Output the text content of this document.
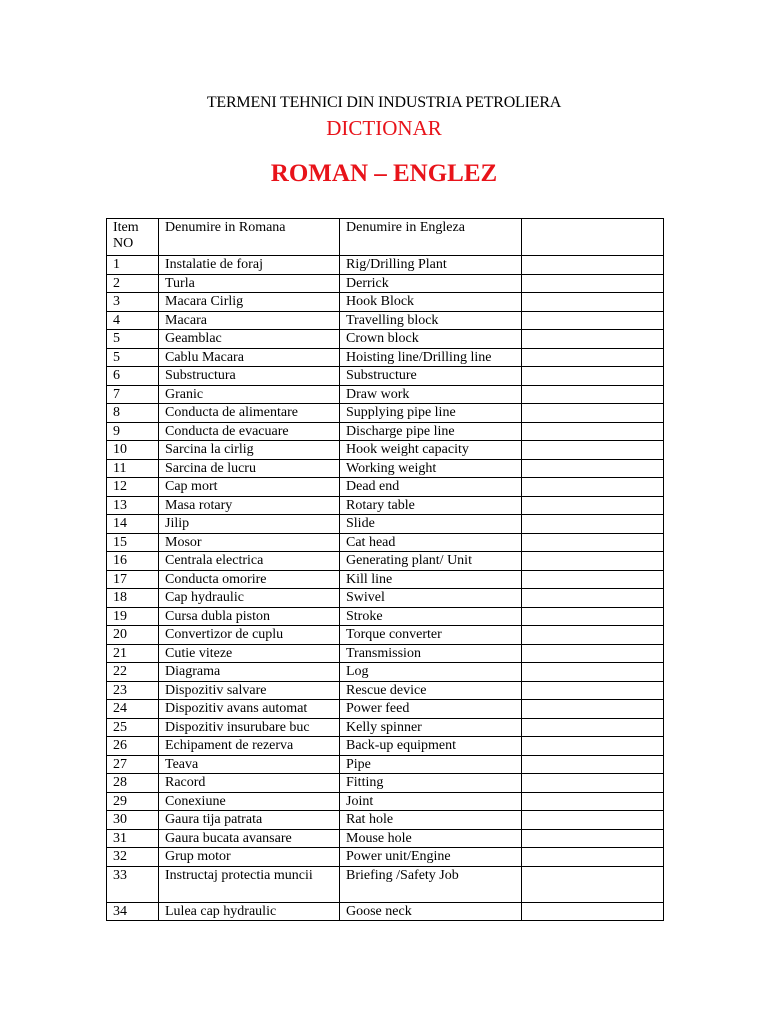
TERMENI TEHNICI DIN INDUSTRIA PETROLIERA
DICTIONAR
ROMAN – ENGLEZ
Item NO	Denumire in Romana	Denumire in Engleza	
1	Instalatie de foraj	Rig/Drilling Plant	
2	Turla	Derrick	
3	Macara Cirlig	Hook Block	
4	Macara	Travelling block	
5	Geamblac	Crown block	
5	Cablu Macara	Hoisting line/Drilling line	
6	Substructura	Substructure	
7	Granic	Draw work	
8	Conducta de alimentare	Supplying pipe line	
9	Conducta de evacuare	Discharge pipe line	
10	Sarcina la cirlig	Hook weight capacity	
11	Sarcina de lucru	Working weight	
12	Cap mort	Dead end	
13	Masa rotary	Rotary table	
14	Jilip	Slide	
15	Mosor	Cat head	
16	Centrala electrica	Generating plant/ Unit	
17	Conducta omorire	Kill line	
18	Cap hydraulic	Swivel	
19	Cursa dubla piston	Stroke	
20	Convertizor de cuplu	Torque converter	
21	Cutie viteze	Transmission	
22	Diagrama	Log	
23	Dispozitiv salvare	Rescue device	
24	Dispozitiv avans automat	Power feed	
25	Dispozitiv insurubare buc	Kelly spinner	
26	Echipament de rezerva	Back-up equipment	
27	Teava	Pipe	
28	Racord	Fitting	
29	Conexiune	Joint	
30	Gaura tija patrata	Rat hole	
31	Gaura bucata avansare	Mouse hole	
32	Grup motor	Power unit/Engine	
33	Instructaj protectia muncii	Briefing /Safety Job	
34	Lulea cap hydraulic	Goose neck	
